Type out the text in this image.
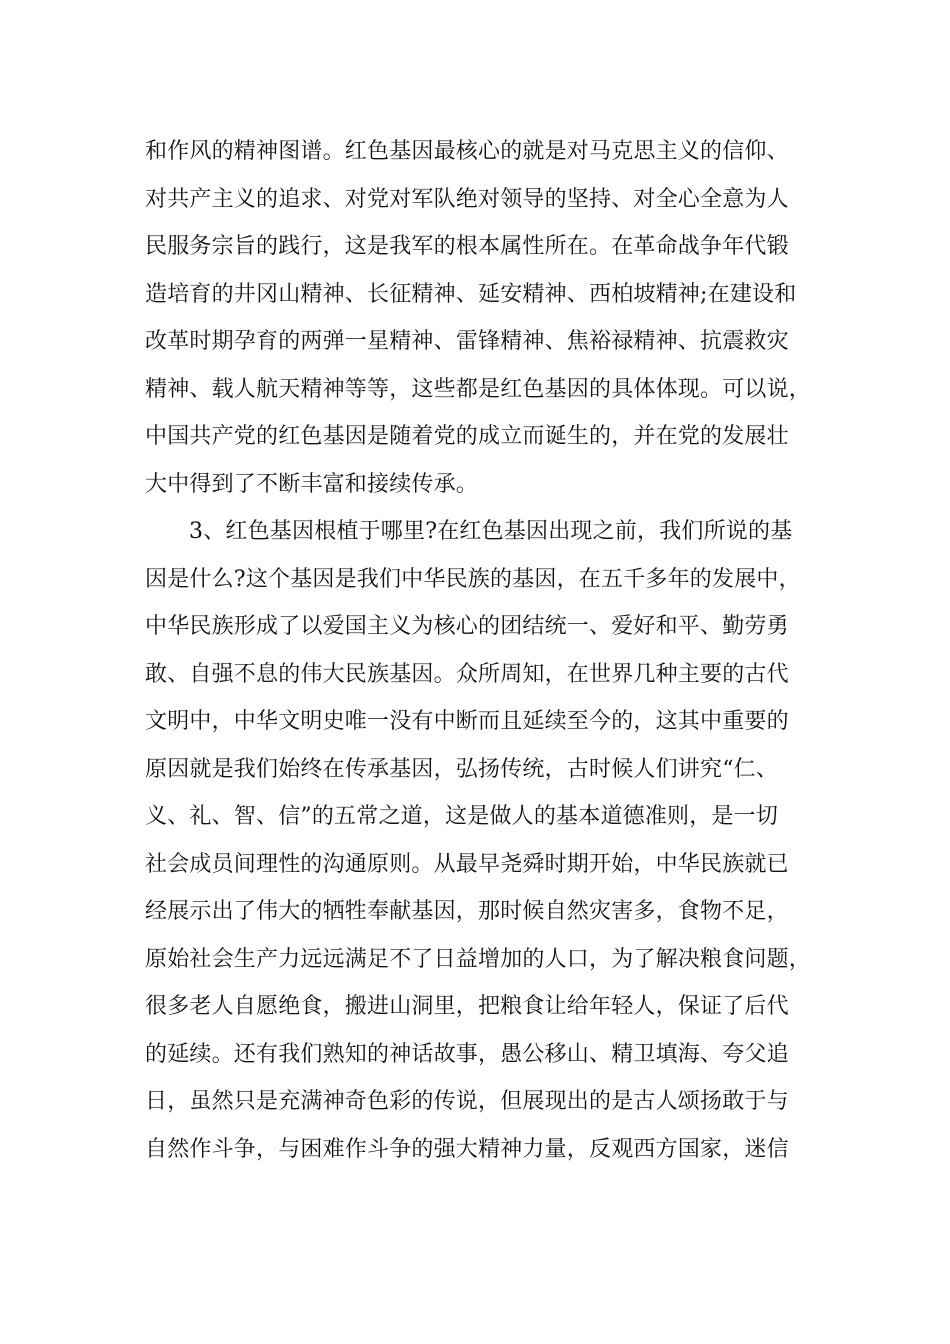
和作风的精神图谱。红色基因最核心的就是对马克思主义的信仰、
对共产主义的追求、对党对军队绝对领导的坚持、对全心全意为人
民服务宗旨的践行，这是我军的根本属性所在。在革命战争年代锻
造培育的井冈山精神、长征精神、延安精神、西柏坡精神;在建设和
改革时期孕育的两弹一星精神、雷锋精神、焦裕禄精神、抗震救灾
精神、载人航天精神等等，这些都是红色基因的具体体现。可以说，
中国共产党的红色基因是随着党的成立而诞生的，并在党的发展壮
大中得到了不断丰富和接续传承。
3、红色基因根植于哪里?在红色基因出现之前，我们所说的基
因是什么?这个基因是我们中华民族的基因，在五千多年的发展中，
中华民族形成了以爱国主义为核心的团结统一、爱好和平、勤劳勇
敢、自强不息的伟大民族基因。众所周知，在世界几种主要的古代
文明中，中华文明史唯一没有中断而且延续至今的，这其中重要的
原因就是我们始终在传承基因，弘扬传统，古时候人们讲究“仁、
义、礼、智、信”的五常之道，这是做人的基本道德准则，是一切
社会成员间理性的沟通原则。从最早尧舜时期开始，中华民族就已
经展示出了伟大的牺牲奉献基因，那时候自然灾害多，食物不足，
原始社会生产力远远满足不了日益增加的人口，为了解决粮食问题，
很多老人自愿绝食，搬进山洞里，把粮食让给年轻人，保证了后代
的延续。还有我们熟知的神话故事，愚公移山、精卫填海、夸父追
日，虽然只是充满神奇色彩的传说，但展现出的是古人颂扬敢于与
自然作斗争，与困难作斗争的强大精神力量，反观西方国家，迷信
